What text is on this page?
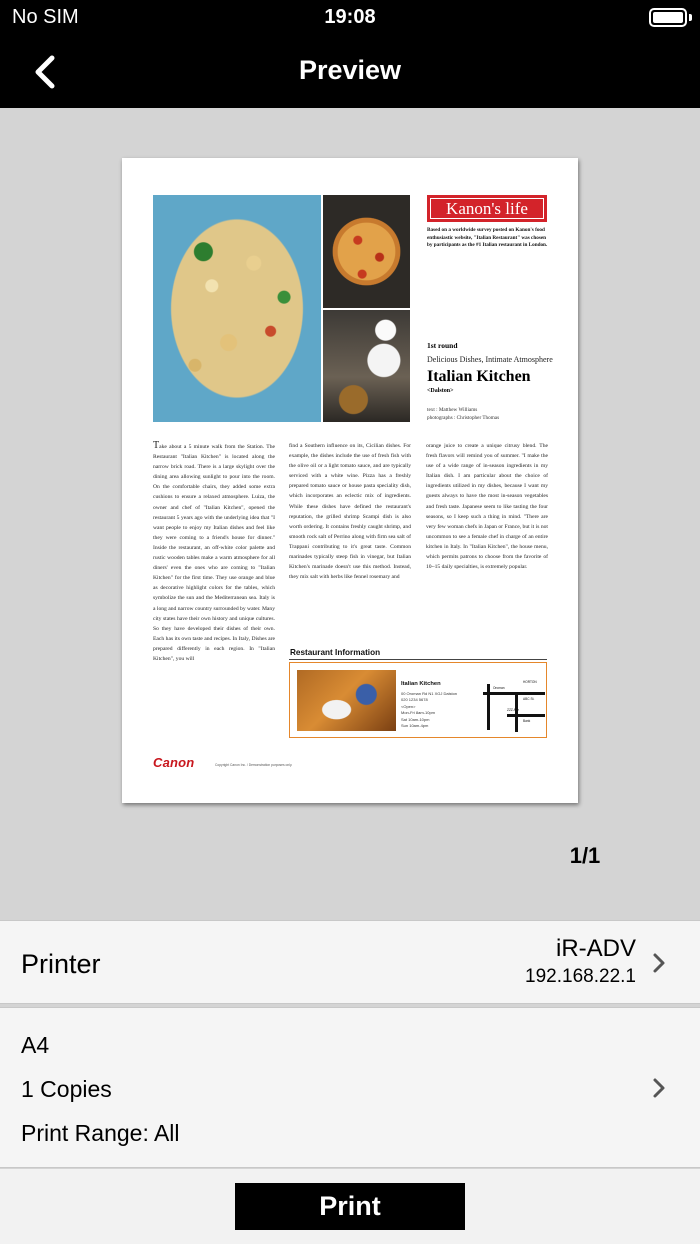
No SIM	19:08
Preview
Kanon's life
Based on a worldwide survey posted on Kanon's food enthusiastic website, "Italian Restaurant" was chosen by participants as the #1 Italian restaurant in London.
1st round
Delicious Dishes, Intimate Atmosphere
Italian Kitchen
<Dalston>
text : Matthew Williams
photographs : Christopher Thomas
Take about a 5 minute walk from the Station. The Restaurant "Italian Kitchen" is located along the narrow brick road. There is a large skylight over the dining area allowing sunlight to pour into the room. On the comfortable chairs, they added some extra cushions to ensure a relaxed atmosphere. Luiza, the owner and chef of "Italian Kitchen", opened the restaurant 5 years ago with the underlying idea that "I want people to enjoy my Italian dishes and feel like they were coming to a friend's house for dinner." Inside the restaurant, an off-white color palette and rustic wooden tables make a warm atmosphere for all diners' even the ones who are coming to "Italian Kitchen" for the first time. They use orange and blue as decorative highlight colors for the tables, which symbolize the sun and the Mediterranean sea. Italy is a long and narrow country surrounded by water. Many city states have their own history and unique cultures. So they have developed their dishes of their own. Each has its own taste and recipes. In Italy, Dishes are prepared differently in each region. In "Italian Kitchen", you will
find a Southern influence on its, Cicilian dishes. For example, the dishes include the use of fresh fish with the olive oil or a light tomato sauce, and are typically serviced with a white wine. Pizza has a freshly prepared tomato sauce or house pasta speciality dish, which incorporates an eclectic mix of ingredients. While these dishes have defined the restaurant's reputation, the grilled shrimp Scampi dish is also worth ordering. It contains freshly caught shrimp, and smooth rock salt of Perrino along with firm sea salt of Trappani contributing to it's great taste. Common marinades typically steep fish in vinegar, but Italian Kitchen's marinade doesn't use this method. Instead, they mix salt with herbs like fennel rosemary and
orange juice to create a unique citrusy blend. The fresh flavors will remind you of summer. "I make the use of a wide range of in-season ingredients in my Italian dish. I am particular about the choice of ingredients utilized in my dishes, because I want my guests always to have the most in-season vegetables and fresh taste. Japanese seem to like tasting the four seasons, so I keep such a thing in mind. "There are very few woman chefs in Japan or France, but it is not uncommon to see a female chef in charge of an entire kitchen in Italy. In "Italian Kitchen", the house menu, which permits patrons to choose from the favorite of 10~15 daily specialties, is extremely popular.
Restaurant Information
Italian Kitchen
00 Oroman Rd N1 XGJ Dalston
020 1234 5678
<Open>
Mon-Fri 8am-10pm
Sat 10am-10pm
Sun 10am-4pm
HORTON
Oroman
ABC St.
ZZZ Ave
Bank
Canon	Copyright Canon Inc. / Demonstration purposes only.
1/1
Printer
iR-ADV
192.168.22.1
A4
1 Copies
Print Range: All
Print
